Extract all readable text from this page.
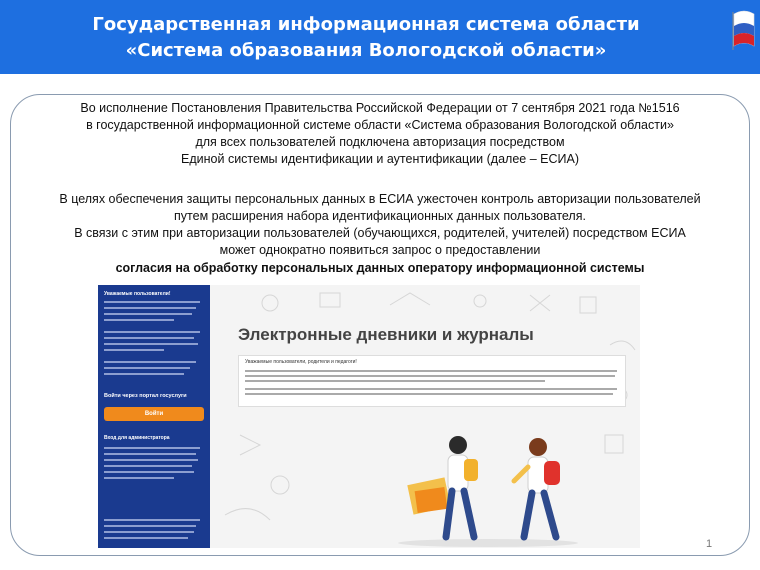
Государственная информационная система области
«Система образования Вологодской области»
Во исполнение Постановления Правительства Российской Федерации от 7 сентября 2021 года №1516
в государственной информационной системе области «Система образования Вологодской области»
для всех пользователей подключена авторизация посредством
Единой системы идентификации и аутентификации (далее – ЕСИА)
В целях обеспечения защиты персональных данных в ЕСИА ужесточен контроль авторизации пользователей
путем расширения набора идентификационных данных пользователя.
В связи с этим при авторизации пользователей (обучающихся, родителей, учителей) посредством ЕСИА
может однократно появиться запрос о предоставлении
согласия на обработку персональных данных оператору информационной системы
Уважаемые пользователи!
Войти через портал госуслуги
Войти
Вход для администратора
Электронные дневники и журналы
Уважаемые пользователи, родители и педагоги!
1
